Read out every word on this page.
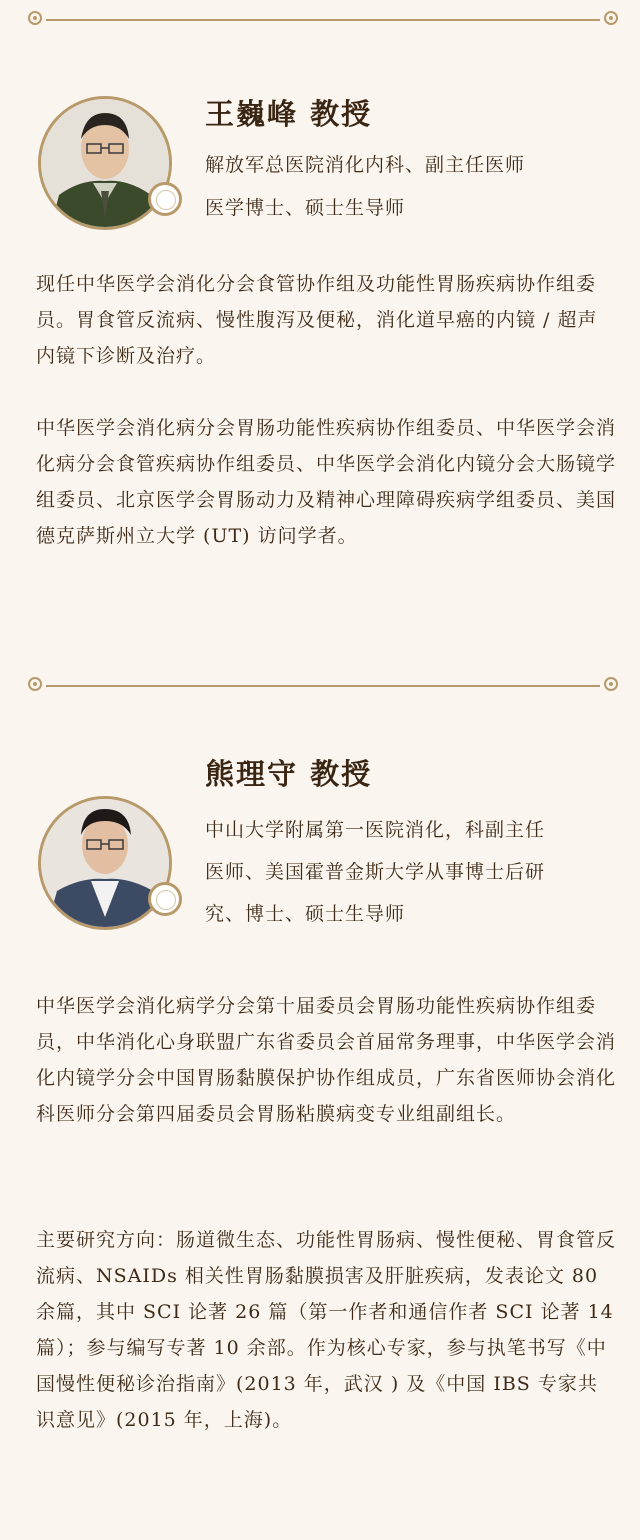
王巍峰 教授
解放军总医院消化内科、副主任医师
医学博士、硕士生导师
现任中华医学会消化分会食管协作组及功能性胃肠疾病协作组委员。胃食管反流病、慢性腹泻及便秘，消化道早癌的内镜 / 超声内镜下诊断及治疗。
中华医学会消化病分会胃肠功能性疾病协作组委员、中华医学会消化病分会食管疾病协作组委员、中华医学会消化内镜分会大肠镜学组委员、北京医学会胃肠动力及精神心理障碍疾病学组委员、美国德克萨斯州立大学 (UT) 访问学者。
熊理守 教授
中山大学附属第一医院消化，科副主任
医师、美国霍普金斯大学从事博士后研
究、博士、硕士生导师
中华医学会消化病学分会第十届委员会胃肠功能性疾病协作组委员，中华消化心身联盟广东省委员会首届常务理事，中华医学会消化内镜学分会中国胃肠黏膜保护协作组成员，广东省医师协会消化科医师分会第四届委员会胃肠粘膜病变专业组副组长。
主要研究方向：肠道微生态、功能性胃肠病、慢性便秘、胃食管反流病、NSAIDs 相关性胃肠黏膜损害及肝脏疾病，发表论文 80 余篇，其中 SCI 论著 26 篇（第一作者和通信作者 SCI 论著 14 篇）；参与编写专著 10 余部。作为核心专家，参与执笔书写《中国慢性便秘诊治指南》(2013 年，武汉 ) 及《中国 IBS 专家共识意见》(2015 年，上海)。
